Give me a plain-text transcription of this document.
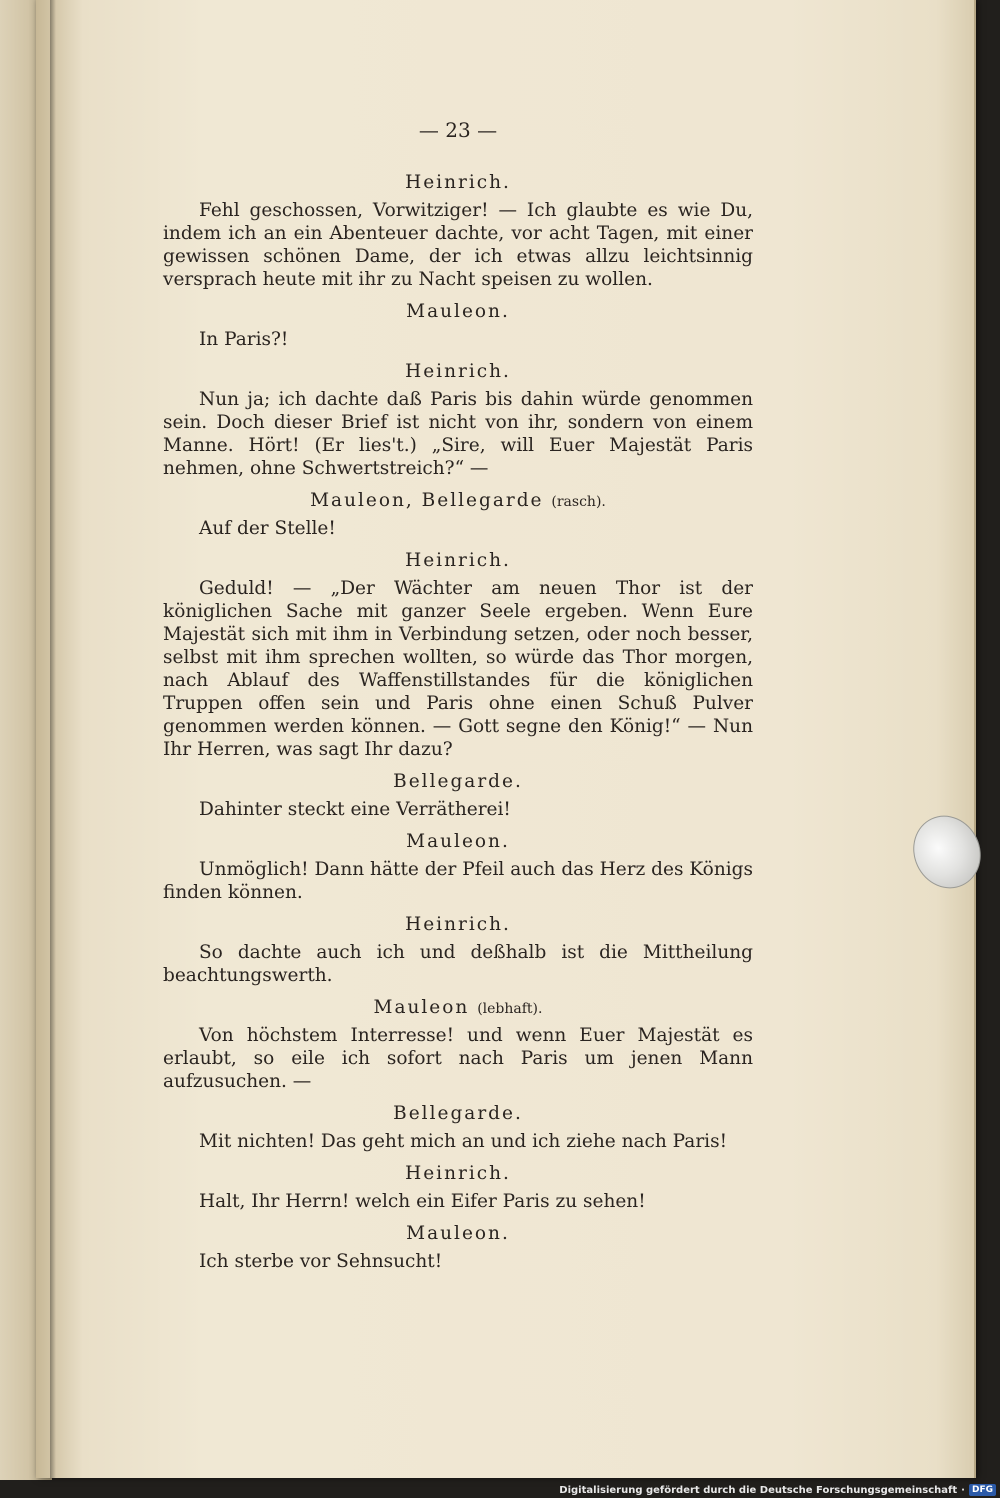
— 23 —
Heinrich.

Fehl geschossen, Vorwitziger! — Ich glaubte es wie Du, indem ich an ein Abenteuer dachte, vor acht Tagen, mit einer gewissen schönen Dame, der ich etwas allzu leichtsinnig versprach heute mit ihr zu Nacht speisen zu wollen.

Mauleon.

In Paris?!

Heinrich.

Nun ja; ich dachte daß Paris bis dahin würde genommen sein. Doch dieser Brief ist nicht von ihr, sondern von einem Manne. Hört! (Er lies't.) „Sire, will Euer Majestät Paris nehmen, ohne Schwertstreich?“ —

Mauleon, Bellegarde (rasch).

Auf der Stelle!

Heinrich.

Geduld! — „Der Wächter am neuen Thor ist der königlichen Sache mit ganzer Seele ergeben. Wenn Eure Majestät sich mit ihm in Verbindung setzen, oder noch besser, selbst mit ihm sprechen wollten, so würde das Thor morgen, nach Ablauf des Waffenstillstandes für die königlichen Truppen offen sein und Paris ohne einen Schuß Pulver genommen werden können. — Gott segne den König!“ — Nun Ihr Herren, was sagt Ihr dazu?

Bellegarde.

Dahinter steckt eine Verrätherei!

Mauleon.

Unmöglich! Dann hätte der Pfeil auch das Herz des Königs finden können.

Heinrich.

So dachte auch ich und deßhalb ist die Mittheilung beachtungswerth.

Mauleon (lebhaft).

Von höchstem Interresse! und wenn Euer Majestät es erlaubt, so eile ich sofort nach Paris um jenen Mann aufzusuchen. —

Bellegarde.

Mit nichten! Das geht mich an und ich ziehe nach Paris!

Heinrich.

Halt, Ihr Herrn! welch ein Eifer Paris zu sehen!

Mauleon.

Ich sterbe vor Sehnsucht!

Digitalisierung gefördert durch die Deutsche Forschungsgemeinschaft · DFG
